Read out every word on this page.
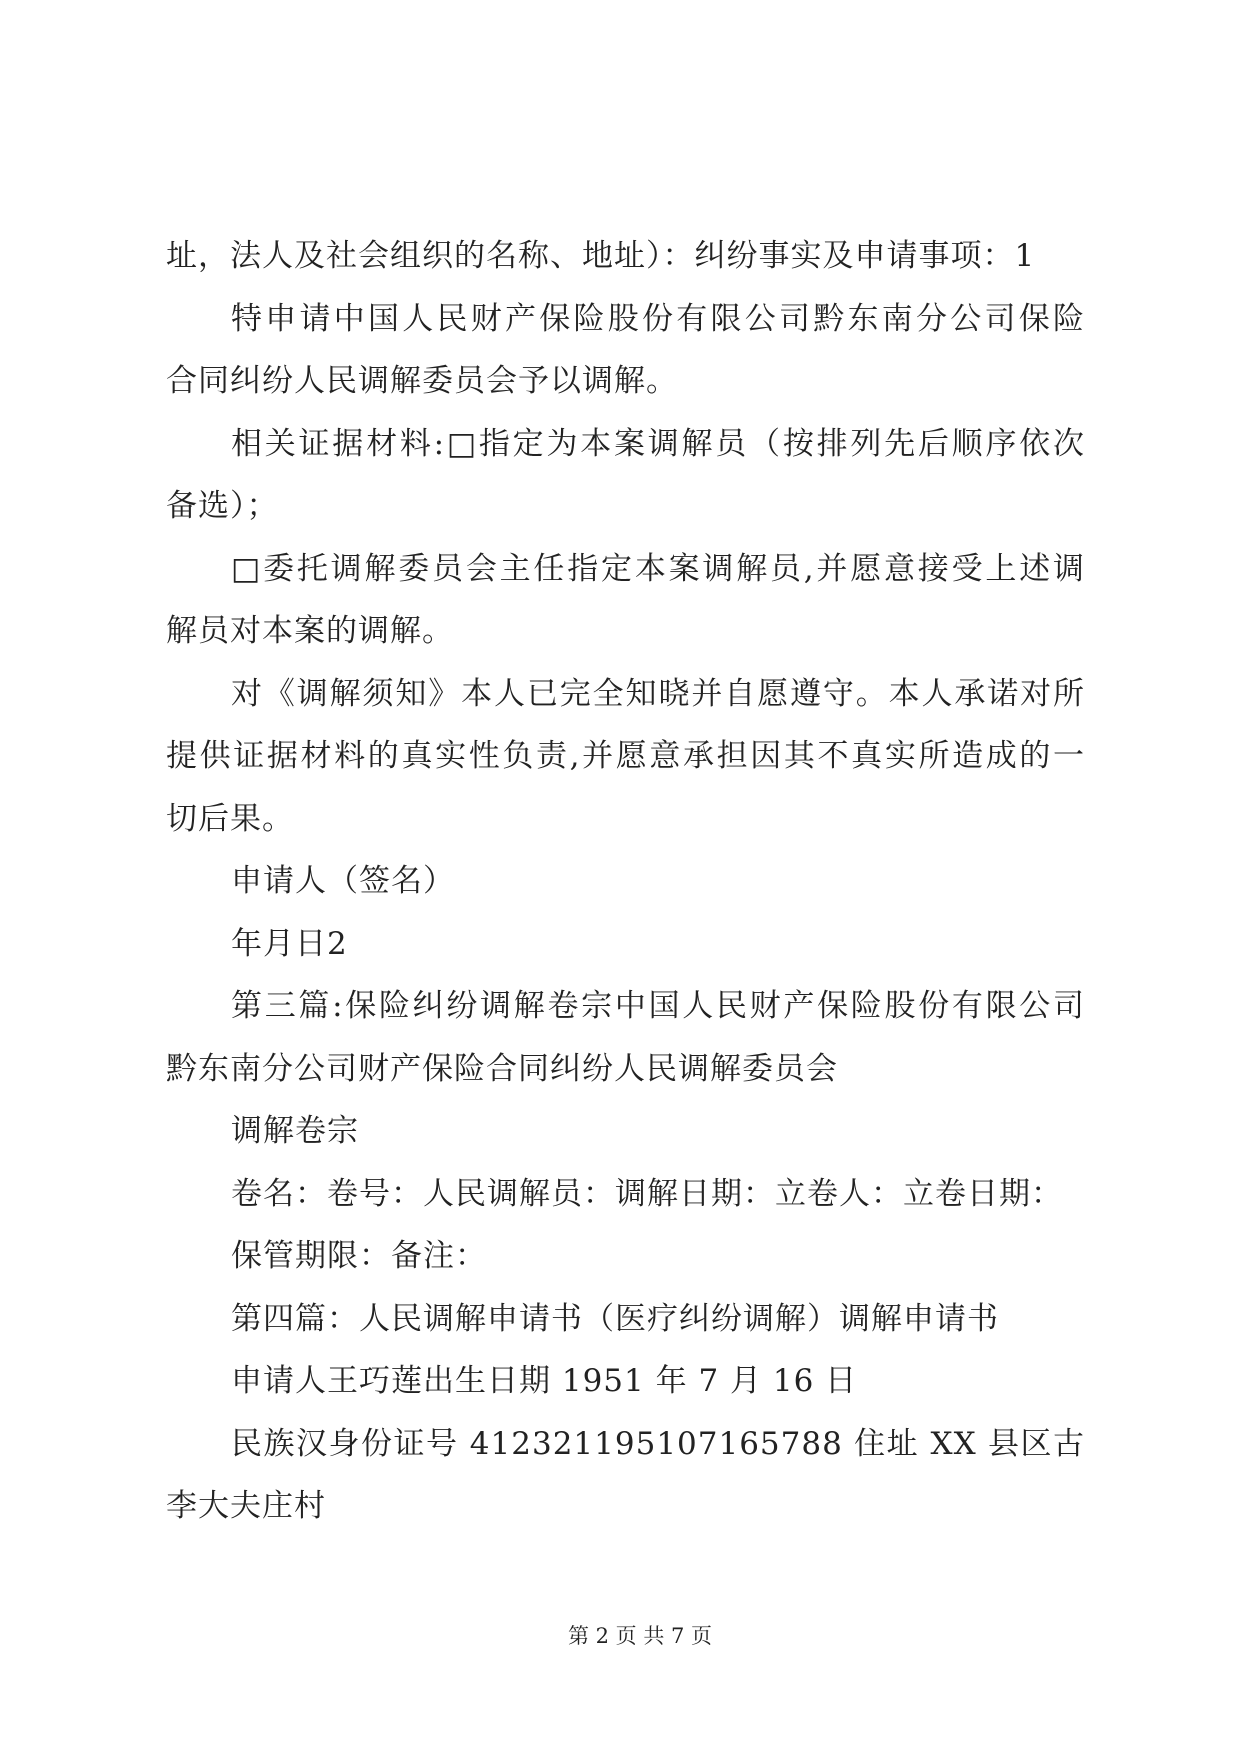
址，法人及社会组织的名称、地址）：纠纷事实及申请事项：1
特申请中国人民财产保险股份有限公司黔东南分公司保险
合同纠纷人民调解委员会予以调解。
相关证据材料:□指定为本案调解员（按排列先后顺序依次
备选）；
□委托调解委员会主任指定本案调解员,并愿意接受上述调
解员对本案的调解。
对《调解须知》本人已完全知晓并自愿遵守。本人承诺对所
提供证据材料的真实性负责,并愿意承担因其不真实所造成的一
切后果。
申请人（签名）
年月日2
第三篇:保险纠纷调解卷宗中国人民财产保险股份有限公司
黔东南分公司财产保险合同纠纷人民调解委员会
调解卷宗
卷名：卷号：人民调解员：调解日期：立卷人：立卷日期：
保管期限：备注：
第四篇：人民调解申请书（医疗纠纷调解）调解申请书
申请人王巧莲出生日期 1951 年 7 月 16 日
民族汉身份证号 412321195107165788 住址 XX 县区古
李大夫庄村
第 2 页 共 7 页
